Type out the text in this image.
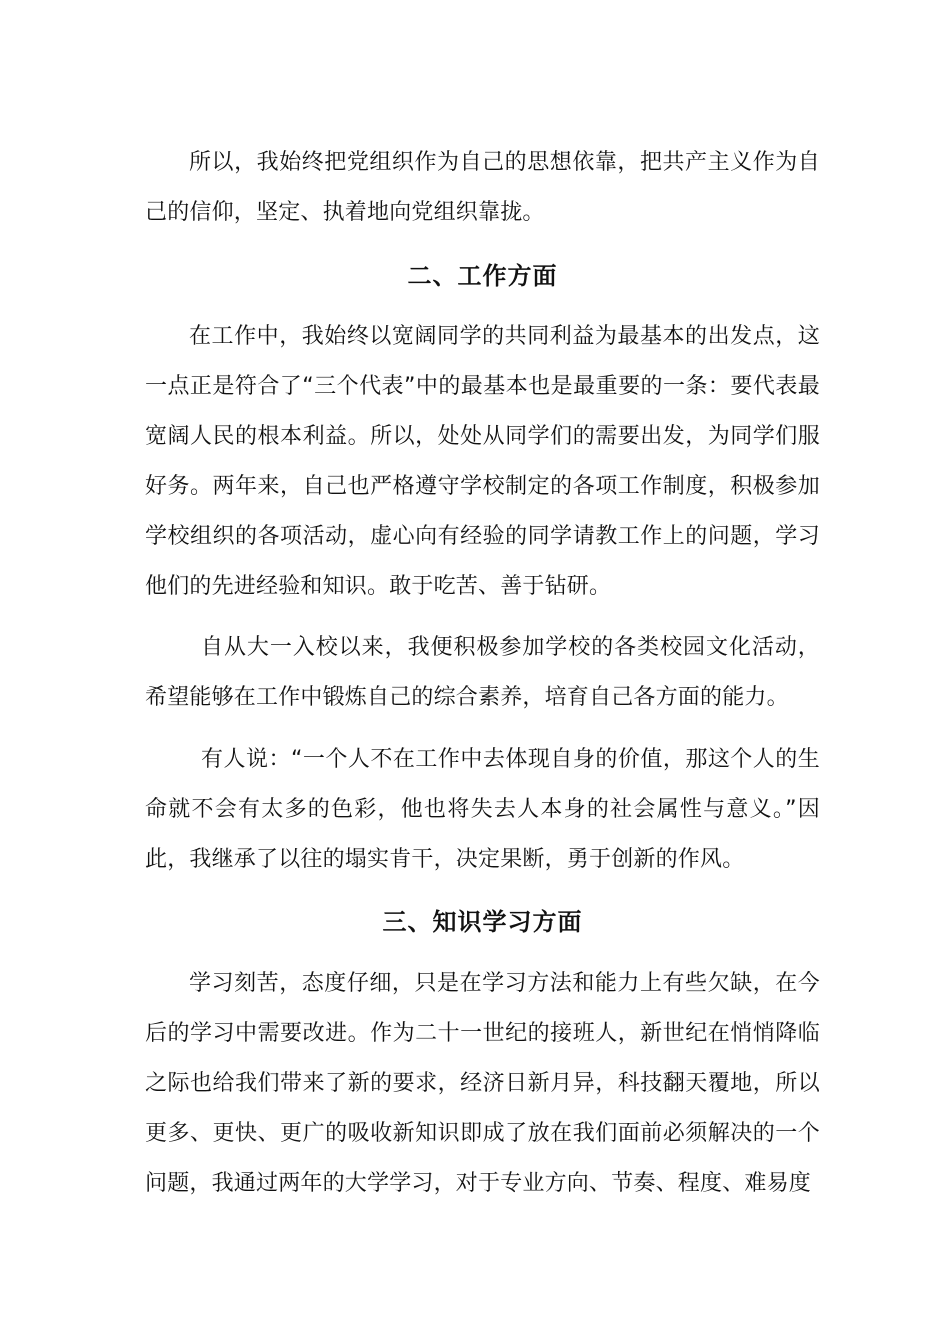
所以，我始终把党组织作为自己的思想依靠，把共产主义作为自己的信仰，坚定、执着地向党组织靠拢。

二、工作方面

在工作中，我始终以宽阔同学的共同利益为最基本的出发点，这一点正是符合了“三个代表”中的最基本也是最重要的一条：要代表最宽阔人民的根本利益。所以，处处从同学们的需要出发，为同学们服好务。两年来，自己也严格遵守学校制定的各项工作制度，积极参加学校组织的各项活动，虚心向有经验的同学请教工作上的问题，学习他们的先进经验和知识。敢于吃苦、善于钻研。

自从大一入校以来，我便积极参加学校的各类校园文化活动，希望能够在工作中锻炼自己的综合素养，培育自己各方面的能力。

有人说：“一个人不在工作中去体现自身的价值，那这个人的生命就不会有太多的色彩，他也将失去人本身的社会属性与意义。”因此，我继承了以往的塌实肯干，决定果断，勇于创新的作风。

三、知识学习方面

学习刻苦，态度仔细，只是在学习方法和能力上有些欠缺，在今后的学习中需要改进。作为二十一世纪的接班人，新世纪在悄悄降临之际也给我们带来了新的要求，经济日新月异，科技翻天覆地，所以更多、更快、更广的吸收新知识即成了放在我们面前必须解决的一个问题，我通过两年的大学学习，对于专业方向、节奏、程度、难易度
